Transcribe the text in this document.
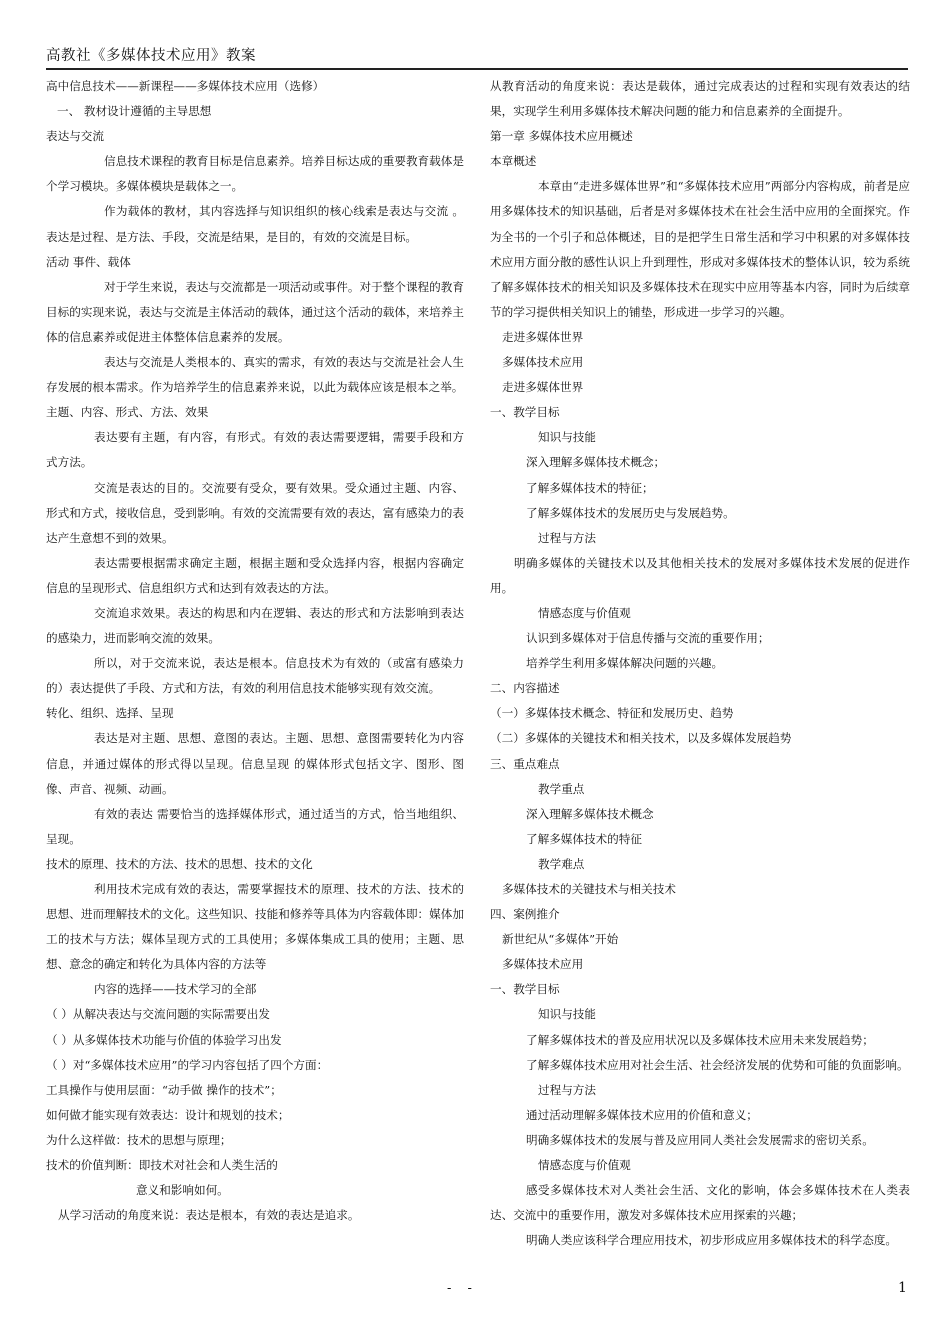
高教社《多媒体技术应用》教案

高中信息技术——新课程——多媒体技术应用（选修）

一、 教材设计遵循的主导思想

表达与交流

信息技术课程的教育目标是信息素养。培养目标达成的重要教育载体是 个学习模块。多媒体模块是载体之一。

作为载体的教材，其内容选择与知识组织的核心线索是表达与交流 。表达是过程、是方法、手段，交流是结果，是目的，有效的交流是目标。

活动 事件、载体

对于学生来说，表达与交流都是一项活动或事件。对于整个课程的教育目标的实现来说，表达与交流是主体活动的载体，通过这个活动的载体，来培养主体的信息素养或促进主体整体信息素养的发展。

表达与交流是人类根本的、真实的需求，有效的表达与交流是社会人生存发展的根本需求。作为培养学生的信息素养来说，以此为载体应该是根本之举。

主题、内容、形式、方法、效果

表达要有主题，有内容，有形式。有效的表达需要逻辑，需要手段和方式方法。

交流是表达的目的。交流要有受众，要有效果。受众通过主题、内容、形式和方式，接收信息，受到影响。有效的交流需要有效的表达，富有感染力的表达产生意想不到的效果。

表达需要根据需求确定主题，根据主题和受众选择内容，根据内容确定信息的呈现形式、信息组织方式和达到有效表达的方法。

交流追求效果。表达的构思和内在逻辑、表达的形式和方法影响到表达的感染力，进而影响交流的效果。

所以，对于交流来说，表达是根本。信息技术为有效的（或富有感染力的）表达提供了手段、方式和方法，有效的利用信息技术能够实现有效交流。

转化、组织、选择、呈现

表达是对主题、思想、意图的表达。主题、思想、意图需要转化为内容信息，并通过媒体的形式得以呈现。信息呈现 的媒体形式包括文字、图形、图像、声音、视频、动画。

有效的表达 需要恰当的选择媒体形式，通过适当的方式，恰当地组织、呈现。

技术的原理、技术的方法、技术的思想、技术的文化

利用技术完成有效的表达，需要掌握技术的原理、技术的方法、技术的思想、进而理解技术的文化。这些知识、技能和修养等具体为内容载体即：媒体加工的技术与方法；媒体呈现方式的工具使用；多媒体集成工具的使用；主题、思想、意念的确定和转化为具体内容的方法等

内容的选择——技术学习的全部

（ ）从解决表达与交流问题的实际需要出发

（ ）从多媒体技术功能与价值的体验学习出发

（ ）对“多媒体技术应用”的学习内容包括了四个方面：

工具操作与使用层面：“动手做 操作的技术”；

如何做才能实现有效表达：设计和规划的技术；

为什么这样做：技术的思想与原理；

技术的价值判断：即技术对社会和人类生活的

意义和影响如何。

从学习活动的角度来说：表达是根本，有效的表达是追求。

从教育活动的角度来说：表达是载体，通过完成表达的过程和实现有效表达的结果，实现学生利用多媒体技术解决问题的能力和信息素养的全面提升。

第一章 多媒体技术应用概述

本章概述

本章由“走进多媒体世界”和“多媒体技术应用”两部分内容构成，前者是应用多媒体技术的知识基础，后者是对多媒体技术在社会生活中应用的全面探究。作为全书的一个引子和总体概述，目的是把学生日常生活和学习中积累的对多媒体技术应用方面分散的感性认识上升到理性，形成对多媒体技术的整体认识，较为系统了解多媒体技术的相关知识及多媒体技术在现实中应用等基本内容，同时为后续章节的学习提供相关知识上的铺垫，形成进一步学习的兴趣。

走进多媒体世界

多媒体技术应用

走进多媒体世界

一、教学目标

知识与技能

深入理解多媒体技术概念；

了解多媒体技术的特征；

了解多媒体技术的发展历史与发展趋势。

过程与方法

明确多媒体的关键技术以及其他相关技术的发展对多媒体技术发展的促进作用。

情感态度与价值观

认识到多媒体对于信息传播与交流的重要作用；

培养学生利用多媒体解决问题的兴趣。

二、内容描述

（一）多媒体技术概念、特征和发展历史、趋势

（二）多媒体的关键技术和相关技术，以及多媒体发展趋势

三、重点难点

教学重点

深入理解多媒体技术概念

了解多媒体技术的特征

教学难点

多媒体技术的关键技术与相关技术

四、案例推介

新世纪从“多媒体”开始

多媒体技术应用

一、教学目标

知识与技能

了解多媒体技术的普及应用状况以及多媒体技术应用未来发展趋势；

了解多媒体技术应用对社会生活、社会经济发展的优势和可能的负面影响。

过程与方法

通过活动理解多媒体技术应用的价值和意义；

明确多媒体技术的发展与普及应用同人类社会发展需求的密切关系。

情感态度与价值观

感受多媒体技术对人类社会生活、文化的影响，体会多媒体技术在人类表达、交流中的重要作用，激发对多媒体技术应用探索的兴趣；

明确人类应该科学合理应用技术，初步形成应用多媒体技术的科学态度。

- -	1
